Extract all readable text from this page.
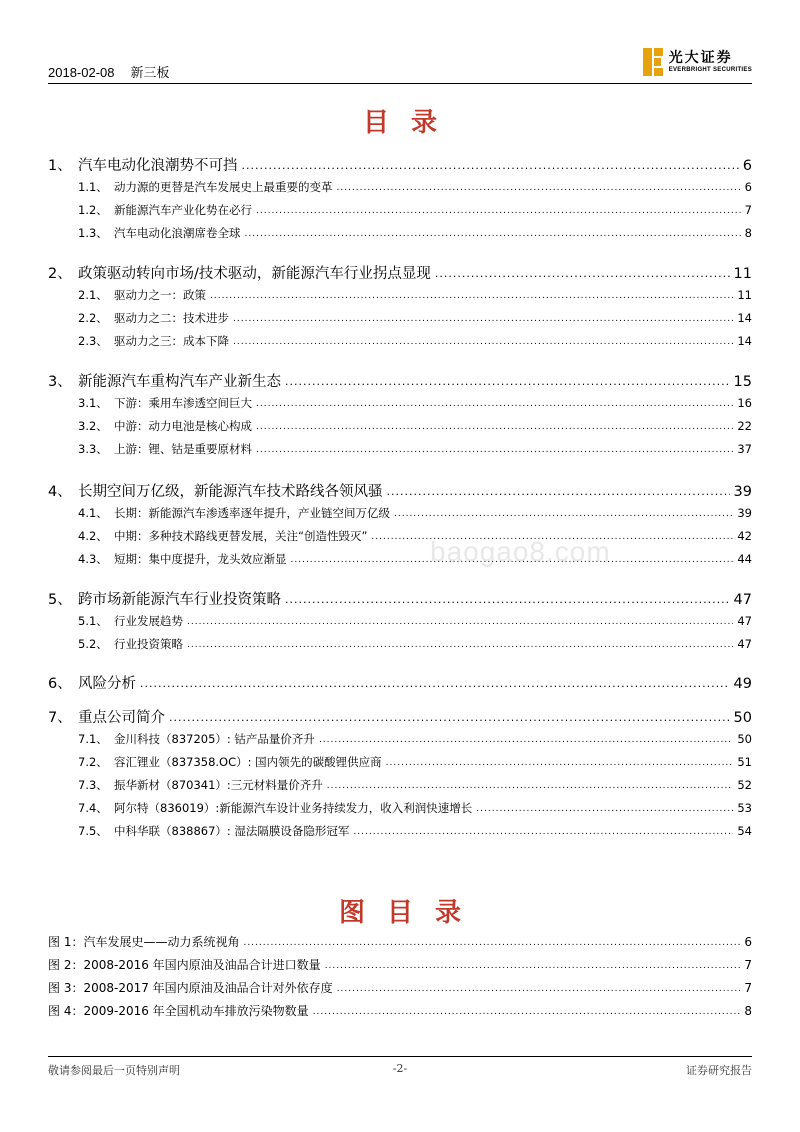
2018-02-08 新三板
光大证券
EVERBRIGHT SECURITIES
目录
1、 汽车电动化浪潮势不可挡 .....	6
1.1、 动力源的更替是汽车发展史上最重要的变革 .....	6
1.2、 新能源汽车产业化势在必行 .....	7
1.3、 汽车电动化浪潮席卷全球 .....	8
2、 政策驱动转向市场/技术驱动，新能源汽车行业拐点显现 .....	11
2.1、 驱动力之一：政策 .....	11
2.2、 驱动力之二：技术进步 .....	14
2.3、 驱动力之三：成本下降 .....	14
3、 新能源汽车重构汽车产业新生态 .....	15
3.1、 下游：乘用车渗透空间巨大 .....	16
3.2、 中游：动力电池是核心构成 .....	22
3.3、 上游：锂、钴是重要原材料 .....	37
4、 长期空间万亿级，新能源汽车技术路线各领风骚 .....	39
4.1、 长期：新能源汽车渗透率逐年提升，产业链空间万亿级 .....	39
4.2、 中期：多种技术路线更替发展，关注“创造性毁灭” .....	42
4.3、 短期：集中度提升，龙头效应渐显 .....	44
5、 跨市场新能源汽车行业投资策略 .....	47
5.1、 行业发展趋势 .....	47
5.2、 行业投资策略 .....	47
6、 风险分析 .....	49
7、 重点公司简介 .....	50
7.1、 金川科技（837205）: 钴产品量价齐升 .....	50
7.2、 容汇锂业（837358.OC）: 国内领先的碳酸锂供应商 .....	51
7.3、 振华新材（870341）:三元材料量价齐升 .....	52
7.4、 阿尔特（836019）:新能源汽车设计业务持续发力，收入利润快速增长 .....	53
7.5、 中科华联（838867）: 湿法隔膜设备隐形冠军 .....	54
图目录
图 1：汽车发展史——动力系统视角 .....	6
图 2：2008-2016 年国内原油及油品合计进口数量 .....	7
图 3：2008-2017 年国内原油及油品合计对外依存度 .....	7
图 4：2009-2016 年全国机动车排放污染物数量 .....	8
baogao8.com
敬请参阅最后一页特别声明	-2-	证券研究报告
